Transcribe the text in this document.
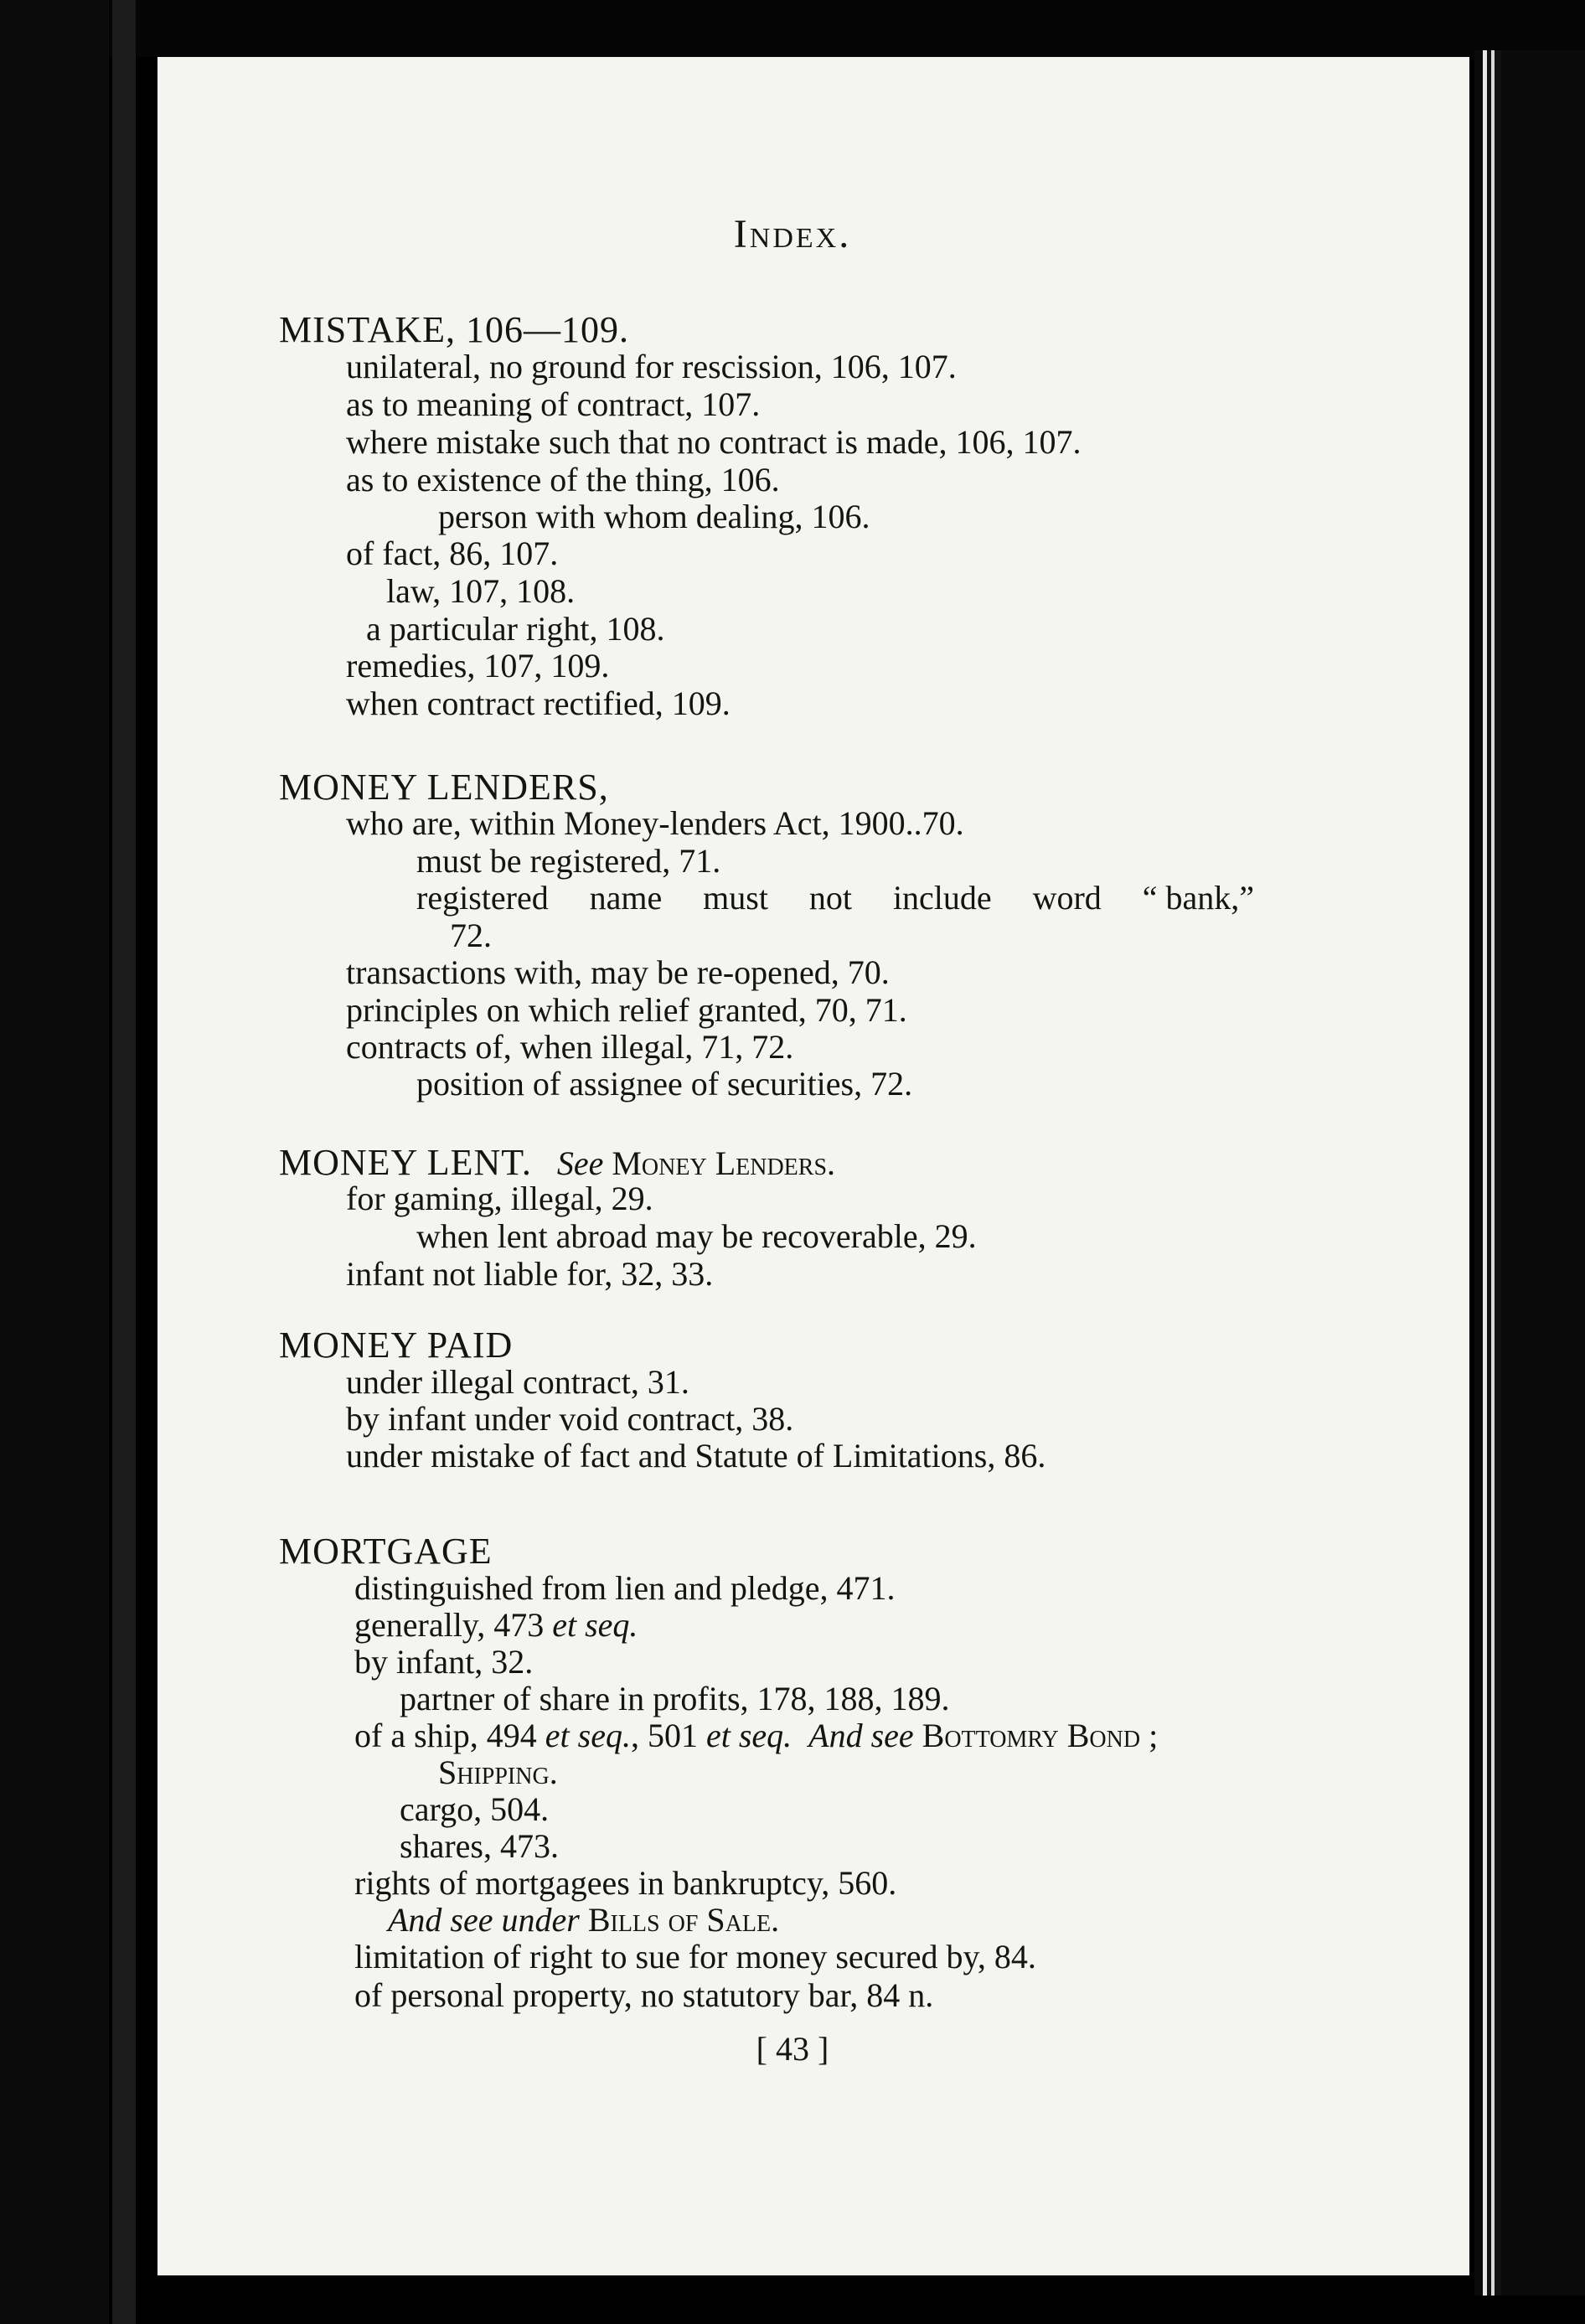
Index.
MISTAKE, 106—109.
unilateral, no ground for rescission, 106, 107.
as to meaning of contract, 107.
where mistake such that no contract is made, 106, 107.
as to existence of the thing, 106.
person with whom dealing, 106.
of fact, 86, 107.
law, 107, 108.
a particular right, 108.
remedies, 107, 109.
when contract rectified, 109.
MONEY LENDERS,
who are, within Money-lenders Act, 1900..70.
must be registered, 71.
registered name must not include word “ bank,”
72.
transactions with, may be re-opened, 70.
principles on which relief granted, 70, 71.
contracts of, when illegal, 71, 72.
position of assignee of securities, 72.
MONEY LENT. See Money Lenders.
for gaming, illegal, 29.
when lent abroad may be recoverable, 29.
infant not liable for, 32, 33.
MONEY PAID
under illegal contract, 31.
by infant under void contract, 38.
under mistake of fact and Statute of Limitations, 86.
MORTGAGE
distinguished from lien and pledge, 471.
generally, 473 et seq.
by infant, 32.
partner of share in profits, 178, 188, 189.
of a ship, 494 et seq., 501 et seq. And see Bottomry Bond ;
Shipping.
cargo, 504.
shares, 473.
rights of mortgagees in bankruptcy, 560.
And see under Bills of Sale.
limitation of right to sue for money secured by, 84.
of personal property, no statutory bar, 84 n.
[ 43 ]
